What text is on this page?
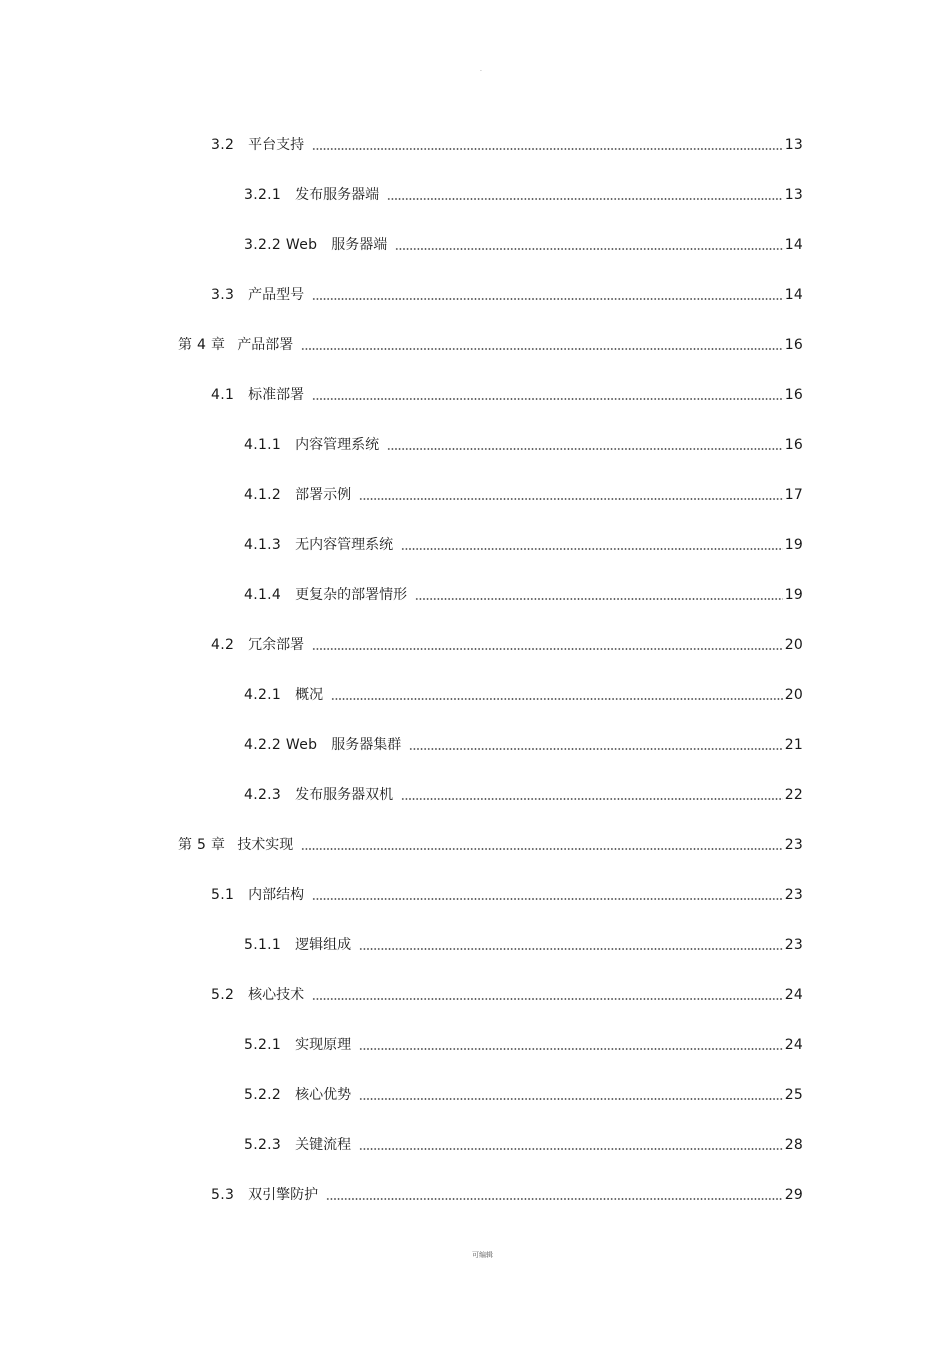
.
3.2 平台支持	13
3.2.1 发布服务器端	13
3.2.2 Web 服务器端	14
3.3 产品型号	14
第 4 章 产品部署	16
4.1 标准部署	16
4.1.1 内容管理系统	16
4.1.2 部署示例	17
4.1.3 无内容管理系统	19
4.1.4 更复杂的部署情形	19
4.2 冗余部署	20
4.2.1 概况	20
4.2.2 Web 服务器集群	21
4.2.3 发布服务器双机	22
第 5 章 技术实现	23
5.1 内部结构	23
5.1.1 逻辑组成	23
5.2 核心技术	24
5.2.1 实现原理	24
5.2.2 核心优势	25
5.2.3 关键流程	28
5.3 双引擎防护	29
可编辑
